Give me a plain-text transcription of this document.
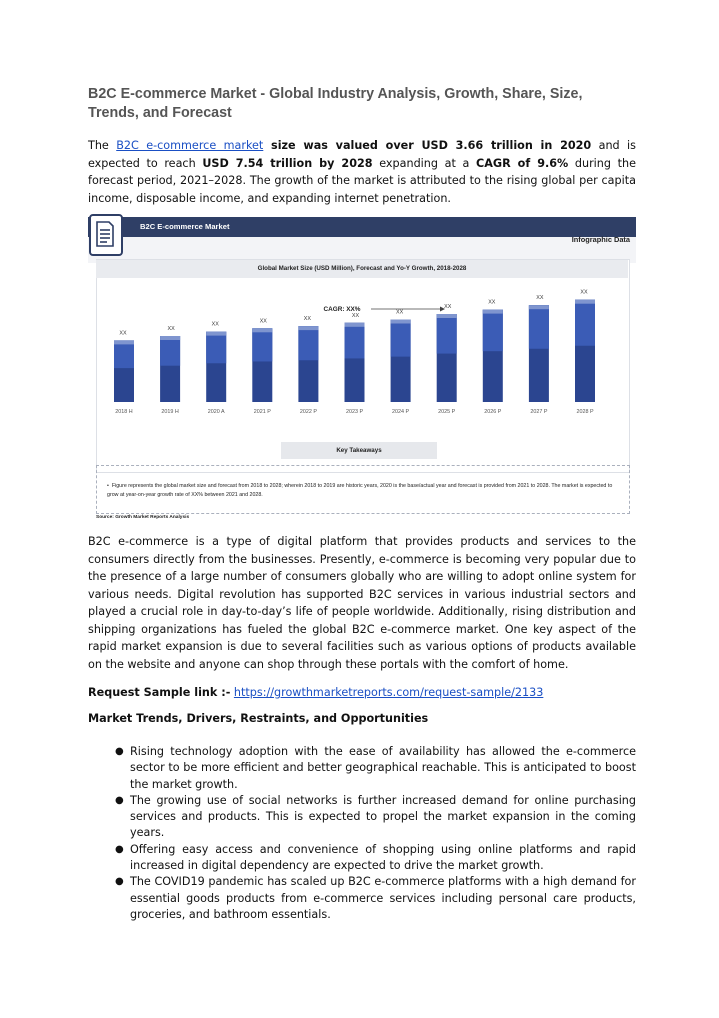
B2C E-commerce Market - Global Industry Analysis, Growth, Share, Size, Trends, and Forecast
The B2C e-commerce market size was valued over USD 3.66 trillion in 2020 and is expected to reach USD 7.54 trillion by 2028 expanding at a CAGR of 9.6% during the forecast period, 2021–2028. The growth of the market is attributed to the rising global per capita income, disposable income, and expanding internet penetration.
B2C E-commerce Market
Infographic Data
Global Market Size (USD Million), Forecast and Yo-Y Growth, 2018-2028
CAGR: XX%
XX
2018 H
XX
2019 H
XX
2020 A
XX
2021 P
XX
2022 P
XX
2023 P
XX
2024 P
XX
2025 P
XX
2026 P
XX
2027 P
XX
2028 P
Key Takeaways
•  Figure represents the global market size and forecast from 2018 to 2028; wherein 2018 to 2019 are historic years, 2020 is the base/actual year and forecast is provided from 2021 to 2028. The market is expected to grow at year-on-year growth rate of XX% between 2021 and 2028.
Source: Growth Market Reports Analysis
B2C e-commerce is a type of digital platform that provides products and services to the consumers directly from the businesses. Presently, e-commerce is becoming very popular due to the presence of a large number of consumers globally who are willing to adopt online system for various needs. Digital revolution has supported B2C services in various industrial sectors and played a crucial role in day-to-day’s life of people worldwide. Additionally, rising distribution and shipping organizations has fueled the global B2C e-commerce market. One key aspect of the rapid market expansion is due to several facilities such as various options of products available on the website and anyone can shop through these portals with the comfort of home.
Request Sample link :- https://growthmarketreports.com/request-sample/2133
Market Trends, Drivers, Restraints, and Opportunities
● Rising technology adoption with the ease of availability has allowed the e-commerce sector to be more efficient and better geographical reachable. This is anticipated to boost the market growth.
● The growing use of social networks is further increased demand for online purchasing services and products. This is expected to propel the market expansion in the coming years.
● Offering easy access and convenience of shopping using online platforms and rapid increased in digital dependency are expected to drive the market growth.
● The COVID19 pandemic has scaled up B2C e-commerce platforms with a high demand for essential goods products from e-commerce services including personal care products, groceries, and bathroom essentials.
